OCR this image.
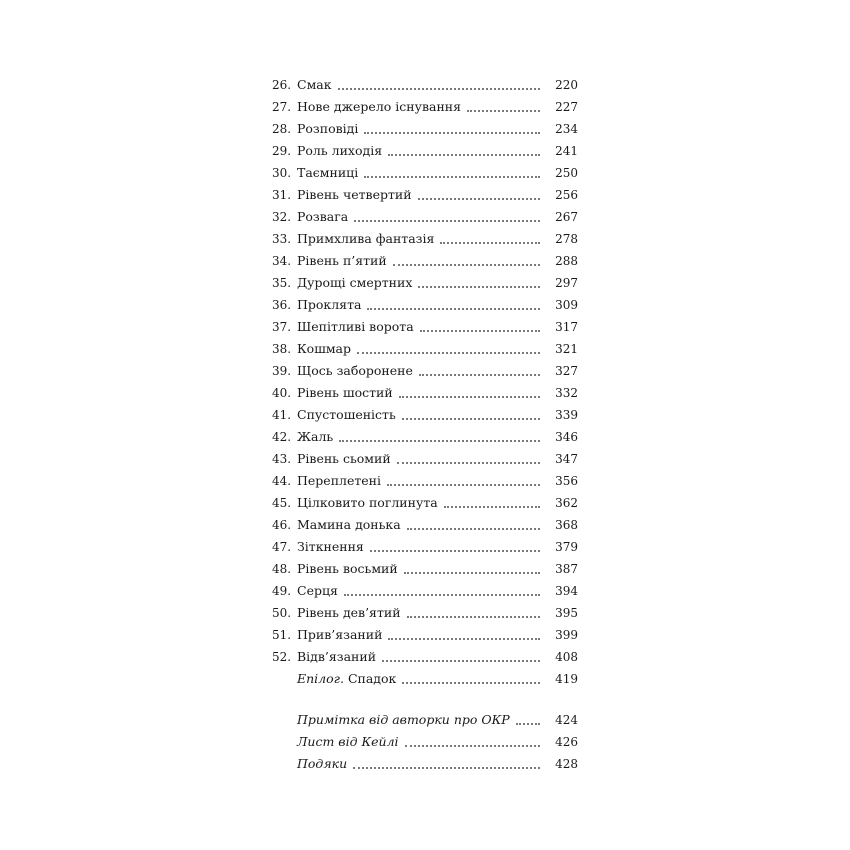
26. Смак	220
27. Нове джерело існування	227
28. Розповіді	234
29. Роль лиходія	241
30. Таємниці	250
31. Рівень четвертий	256
32. Розвага	267
33. Примхлива фантазія	278
34. Рівень п’ятий	288
35. Дурощі смертних	297
36. Проклята	309
37. Шепітливі ворота	317
38. Кошмар	321
39. Щось заборонене	327
40. Рівень шостий	332
41. Спустошеність	339
42. Жаль	346
43. Рівень сьомий	347
44. Переплетені	356
45. Цілковито поглинута	362
46. Мамина донька	368
47. Зіткнення	379
48. Рівень восьмий	387
49. Серця	394
50. Рівень дев’ятий	395
51. Прив’язаний	399
52. Відв’язаний	408
Епілог. Спадок	419
Примітка від авторки про ОКР	424
Лист від Кейлі	426
Подяки	428
